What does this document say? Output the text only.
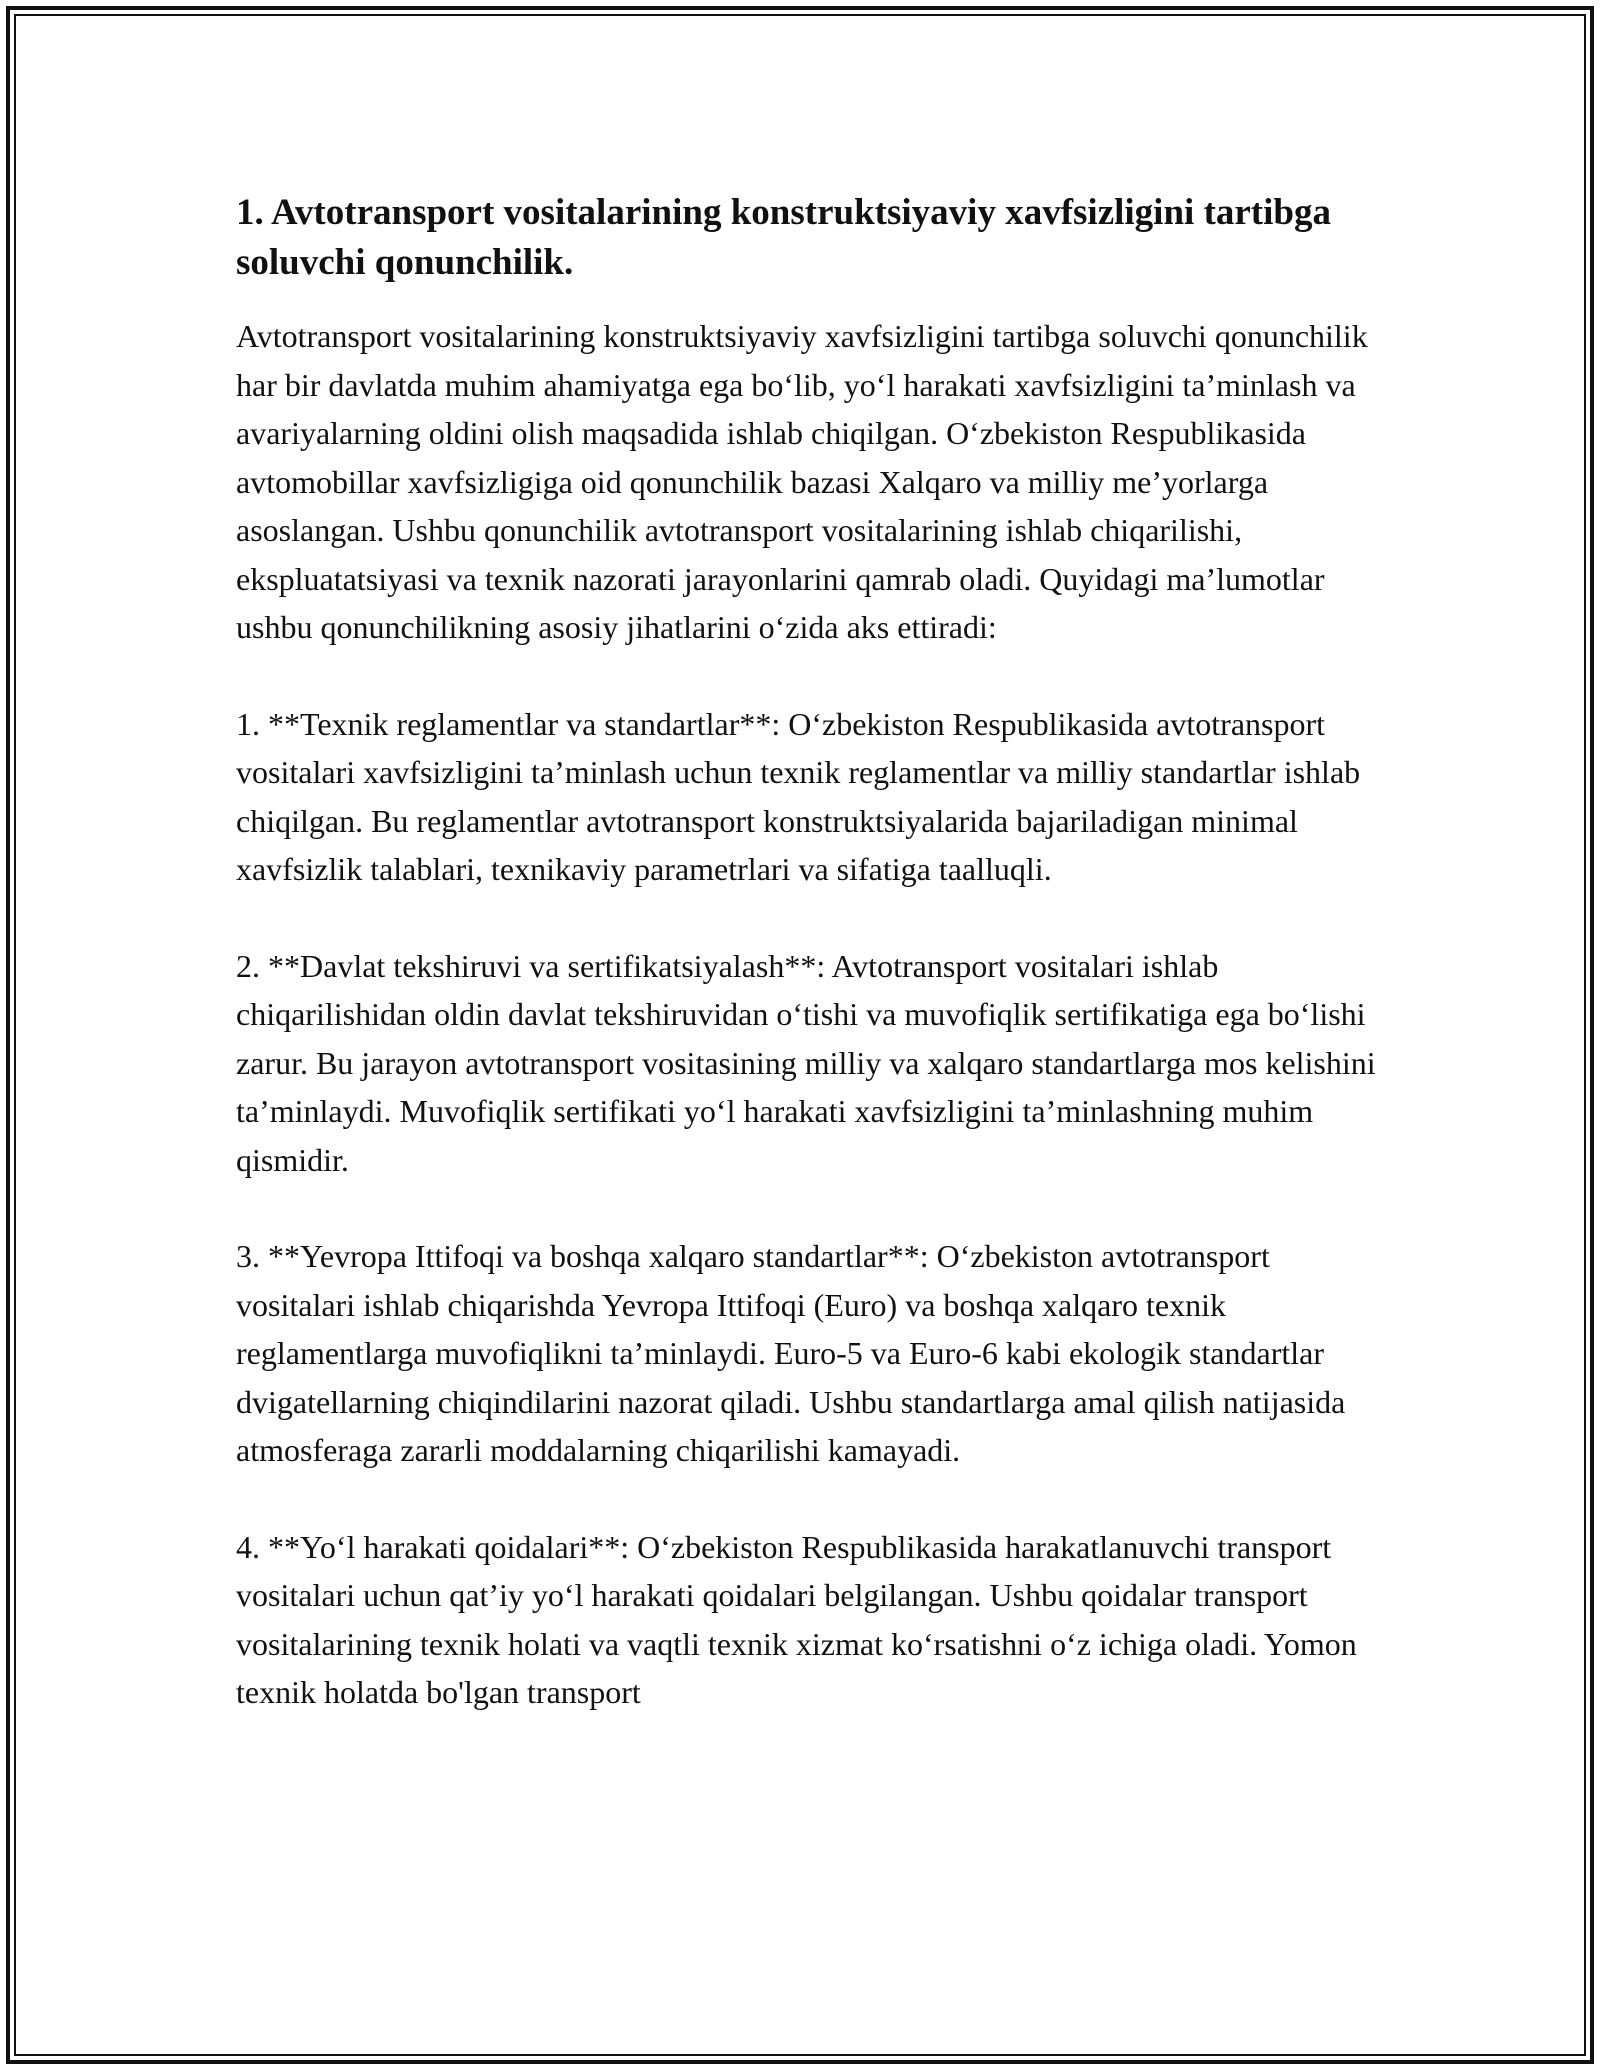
1. Avtotransport vositalarining konstruktsiyaviy xavfsizligini tartibga soluvchi qonunchilik.

Avtotransport vositalarining konstruktsiyaviy xavfsizligini tartibga soluvchi qonunchilik har bir davlatda muhim ahamiyatga ega bo‘lib, yo‘l harakati xavfsizligini ta’minlash va avariyalarning oldini olish maqsadida ishlab chiqilgan. O‘zbekiston Respublikasida avtomobillar xavfsizligiga oid qonunchilik bazasi Xalqaro va milliy me’yorlarga asoslangan. Ushbu qonunchilik avtotransport vositalarining ishlab chiqarilishi, ekspluatatsiyasi va texnik nazorati jarayonlarini qamrab oladi. Quyidagi ma’lumotlar ushbu qonunchilikning asosiy jihatlarini o‘zida aks ettiradi:

1. **Texnik reglamentlar va standartlar**: O‘zbekiston Respublikasida avtotransport vositalari xavfsizligini ta’minlash uchun texnik reglamentlar va milliy standartlar ishlab chiqilgan. Bu reglamentlar avtotransport konstruktsiyalarida bajariladigan minimal xavfsizlik talablari, texnikaviy parametrlari va sifatiga taalluqli.

2. **Davlat tekshiruvi va sertifikatsiyalash**: Avtotransport vositalari ishlab chiqarilishidan oldin davlat tekshiruvidan o‘tishi va muvofiqlik sertifikatiga ega bo‘lishi zarur. Bu jarayon avtotransport vositasining milliy va xalqaro standartlarga mos kelishini ta’minlaydi. Muvofiqlik sertifikati yo‘l harakati xavfsizligini ta’minlashning muhim qismidir.

3. **Yevropa Ittifoqi va boshqa xalqaro standartlar**: O‘zbekiston avtotransport vositalari ishlab chiqarishda Yevropa Ittifoqi (Euro) va boshqa xalqaro texnik reglamentlarga muvofiqlikni ta’minlaydi. Euro-5 va Euro-6 kabi ekologik standartlar dvigatellarning chiqindilarini nazorat qiladi. Ushbu standartlarga amal qilish natijasida atmosferaga zararli moddalarning chiqarilishi kamayadi.

4. **Yo‘l harakati qoidalari**: O‘zbekiston Respublikasida harakatlanuvchi transport vositalari uchun qat’iy yo‘l harakati qoidalari belgilangan. Ushbu qoidalar transport vositalarining texnik holati va vaqtli texnik xizmat ko‘rsatishni o‘z ichiga oladi. Yomon texnik holatda bo'lgan transport
